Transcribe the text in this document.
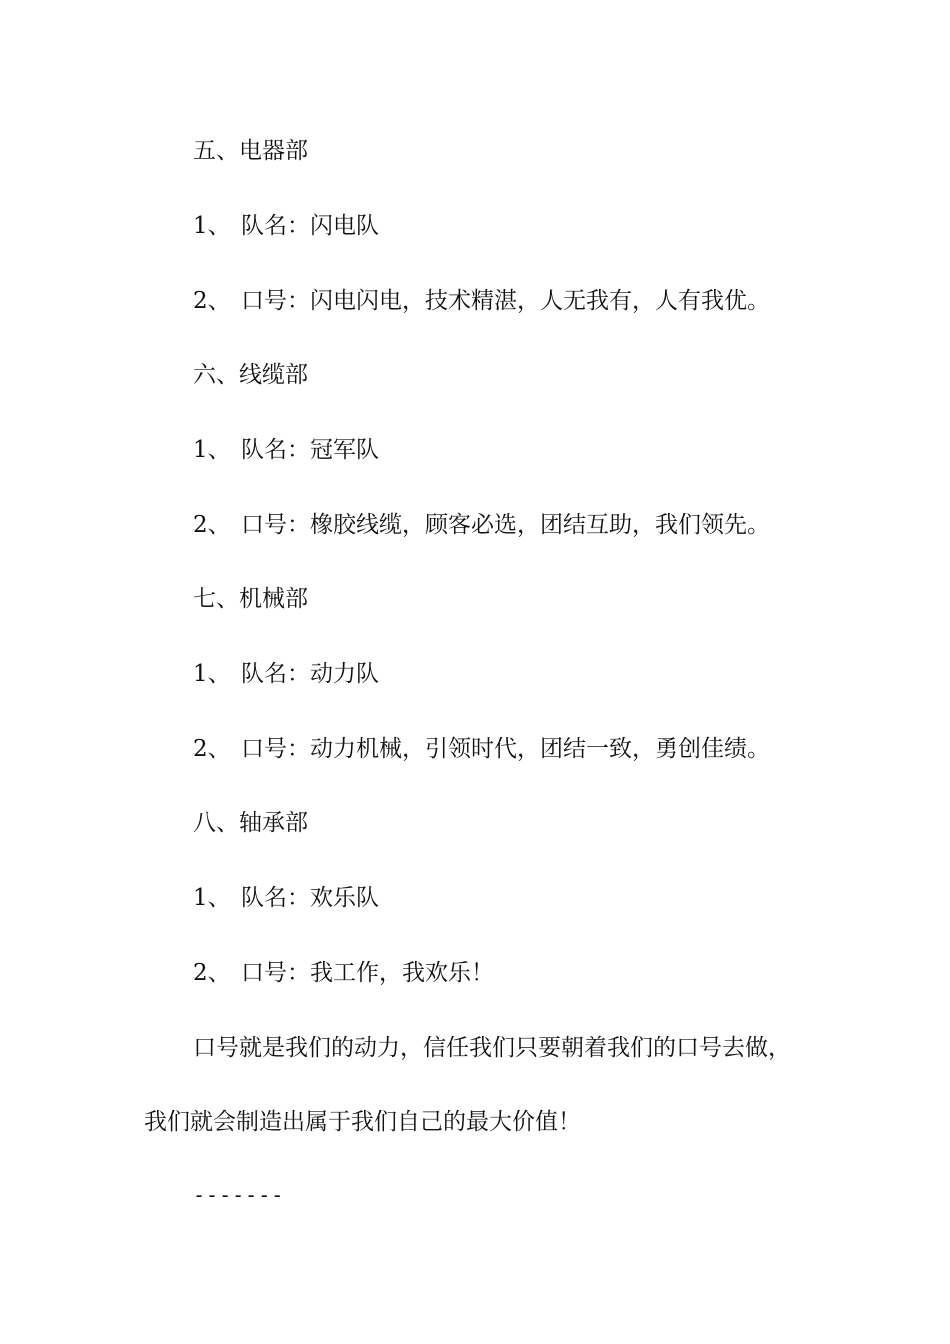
五、电器部
1、 队名：闪电队
2、 口号：闪电闪电，技术精湛，人无我有，人有我优。
六、线缆部
1、 队名：冠军队
2、 口号：橡胶线缆，顾客必选，团结互助，我们领先。
七、机械部
1、 队名：动力队
2、 口号：动力机械，引领时代，团结一致，勇创佳绩。
八、轴承部
1、 队名：欢乐队
2、 口号：我工作，我欢乐！
口号就是我们的动力，信任我们只要朝着我们的口号去做，
我们就会制造出属于我们自己的最大价值！
-------
